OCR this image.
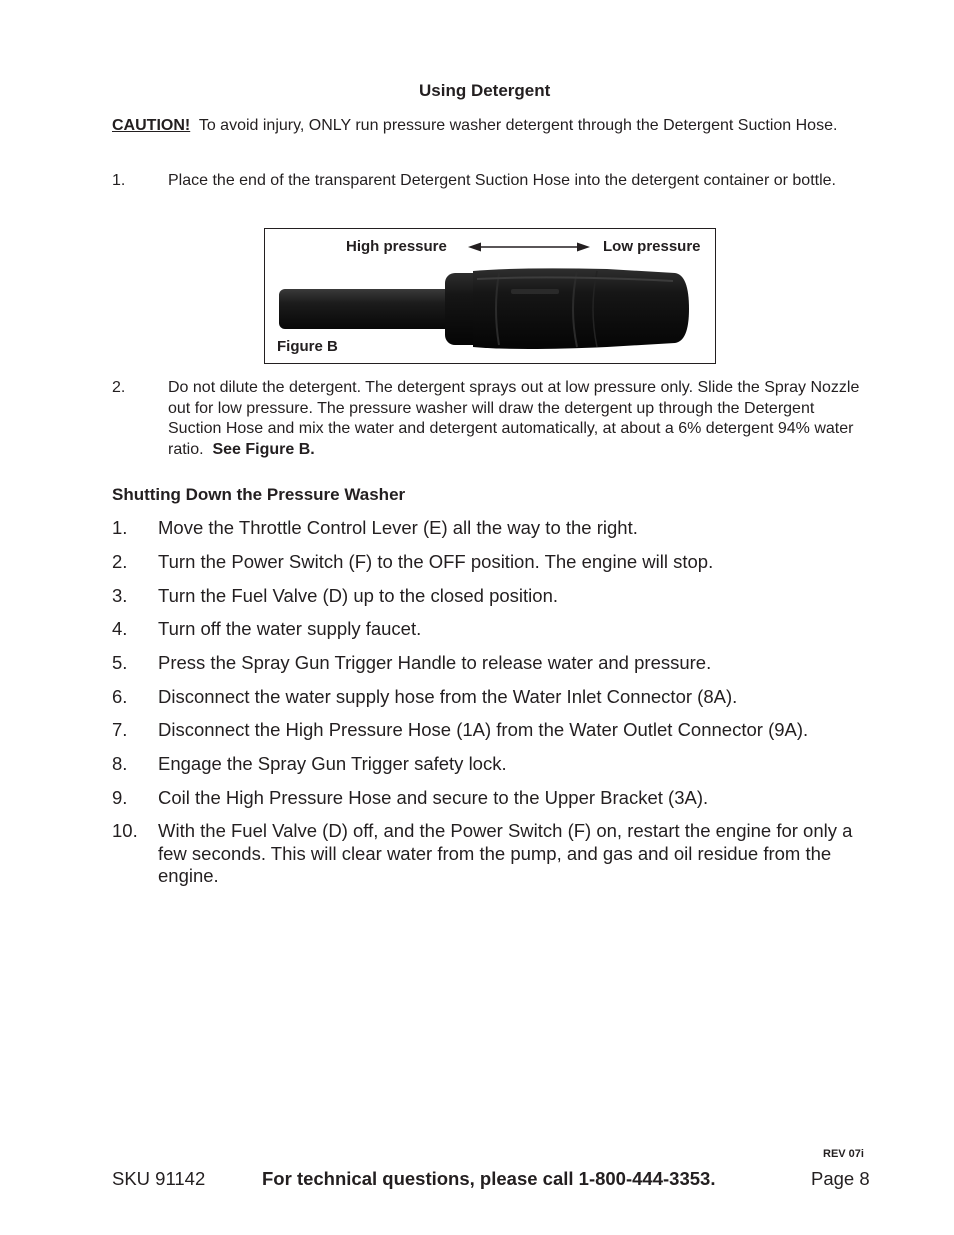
Using Detergent
CAUTION! To avoid injury, ONLY run pressure washer detergent through the Detergent Suction Hose.
1.	Place the end of the transparent Detergent Suction Hose into the detergent container or bottle.
High pressure	Low pressure
Figure B
2.	Do not dilute the detergent. The detergent sprays out at low pressure only. Slide the Spray Nozzle out for low pressure. The pressure washer will draw the detergent up through the Detergent Suction Hose and mix the water and detergent automatically, at about a 6% detergent 94% water ratio. See Figure B.
Shutting Down the Pressure Washer
1. Move the Throttle Control Lever (E) all the way to the right.
2. Turn the Power Switch (F) to the OFF position. The engine will stop.
3. Turn the Fuel Valve (D) up to the closed position.
4. Turn off the water supply faucet.
5. Press the Spray Gun Trigger Handle to release water and pressure.
6. Disconnect the water supply hose from the Water Inlet Connector (8A).
7. Disconnect the High Pressure Hose (1A) from the Water Outlet Connector (9A).
8. Engage the Spray Gun Trigger safety lock.
9. Coil the High Pressure Hose and secure to the Upper Bracket (3A).
10. With the Fuel Valve (D) off, and the Power Switch (F) on, restart the engine for only a few seconds. This will clear water from the pump, and gas and oil residue from the engine.
REV 07i
SKU 91142	For technical questions, please call 1-800-444-3353.	Page 8
